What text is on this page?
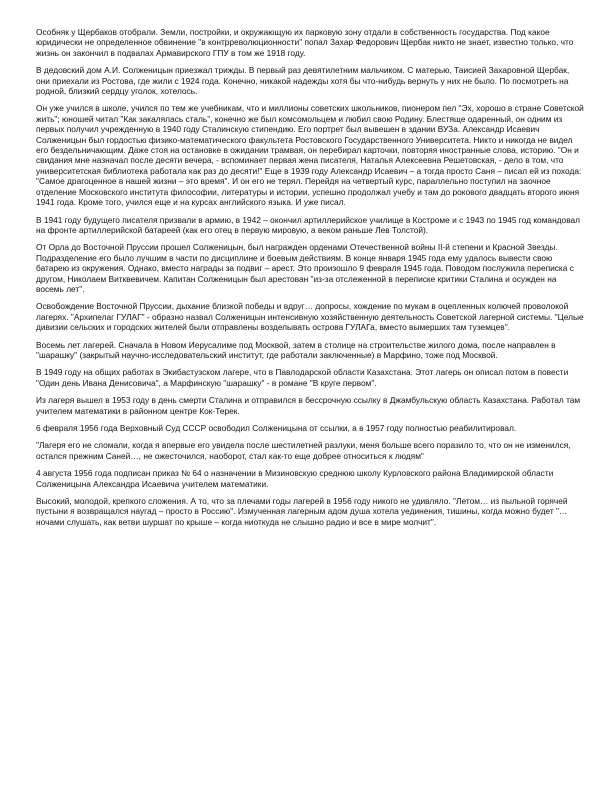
Особняк у Щербаков отобрали. Земли, постройки, и окружающую их парковую зону отдали в собственность государства. Под какое юридически не определенное обвинение "в контрреволюционности" попал Захар Федорович Щербак никто не знает, известно только, что жизнь он закончил в подвалах Армавирского ГПУ в том же 1918 году.

В дедовский дом А.И. Солженицын приезжал трижды. В первый раз девятилетним мальчиком. С матерью, Таисией Захаровной Щербак, они приехали из Ростова, где жили с 1924 года. Конечно, никакой надежды хотя бы что-нибудь вернуть у них не было. По посмотреть на родной, близкий сердцу уголок, хотелось.

Он уже учился в школе, учился по тем же учебникам, что и миллионы советских школьников, пионером пел "Эх, хорошо в стране Советской жить"; юношей читал "Как закалялась сталь", конечно же был комсомольцем и любил свою Родину. Блестяще одаренный, он одним из первых получил учрежденную в 1940 году Сталинскую стипендию. Его портрет был вывешен в здании ВУЗа. Александр Исаевич Солженицын был гордостью физико-математического факультета Ростовского Государственного Университета. Никто и никогда не видел его бездельничающим. Даже стоя на остановке в ожидании трамвая, он перебирал карточки, повторяя иностранные слова, историю. "Он и свидания мне назначал после десяти вечера, - вспоминает первая жена писателя, Наталья Алексеевна Решетовская, - дело в том, что университетская библиотека работала как раз до десяти!" Еще в 1939 году Александр Исаевич – а тогда просто Саня – писал ей из похода: "Самое драгоценное в нашей жизни – это время". И он его не терял. Перейдя на четвертый курс, параллельно поступил на заочное отделение Московского института философии, литературы и истории, успешно продолжал учебу и там до рокового двадцать второго июня 1941 года. Кроме того, учился еще и на курсах английского языка. И уже писал.

В 1941 году будущего писателя призвали в армию, в 1942 – окончил артиллерийское училище в Костроме и с 1943 по 1945 год командовал на фронте артиллерийской батареей (как его отец в первую мировую, а веком раньше Лев Толстой).

От Орла до Восточной Пруссии прошел Солженицын, был награжден орденами Отечественной войны II-й степени и Красной Звезды. Подразделение его было лучшим в части по дисциплине и боевым действиям. В конце января 1945 года ему удалось вывести свою батарею из окружения. Однако, вместо награды за подвиг – арест. Это произошло 9 февраля 1945 года. Поводом послужила переписка с другом, Николаем Витквевичем. Капитан Солженицын был арестован "из-за отслеженной в переписке критики Сталина и осужден на восемь лет".

Освобождение Восточной Пруссии, дыхание близкой победы и вдруг… допросы, хождение по мукам в оцепленных колючей проволокой лагерях. "Архипелаг ГУЛАГ" - образно назвал Солженицын интенсивную хозяйственную деятельность Советской лагерной системы. "Целые дивизии сельских и городских жителей были отправлены возделывать острова ГУЛАГа, вместо вымерших там туземцев".

Восемь лет лагерей. Сначала в Новом Иерусалиме под Москвой, затем в столице на строительстве жилого дома, после направлен в "шарашку" (закрытый научно-исследовательский институт, где работали заключенные) в Марфино, тоже под Москвой.

В 1949 году на общих работах в Экибастузском лагере, что в Павлодарской области Казахстана. Этот лагерь он описал потом в повести "Один день Ивана Денисовича", а Марфинскую "шарашку" - в романе "В круге первом".

Из лагеря вышел в 1953 году в день смерти Сталина и отправился в бессрочную ссылку в Джамбульскую область Казахстана. Работал там учителем математики в районном центре Кок-Терек.

6 февраля 1956 года Верховный Суд СССР освободил Солженицына от ссылки, а в 1957 году полностью реабилитировал.

"Лагеря его не сломали, когда я впервые его увидела после шестилетней разлуки, меня больше всего поразило то, что он не изменился, остался прежним Саней…, не ожесточился, наоборот, стал как-то еще добрее относиться к людям"

4 августа 1956 года подписан приказ № 64 о назначении в Мизиновскую среднюю школу Курловского района Владимирской области Солженицына Александра Исаевича учителем математики.

Высокий, молодой, крепкого сложения. А то, что за плечами годы лагерей в 1956 году никого не удивляло. "Летом… из пыльной горячей пустыни я возвращался наугад – просто в Россию". Измученная лагерным адом душа хотела уединения, тишины, когда можно будет "… ночами слушать, как ветви шуршат по крыше – когда ниоткуда не слышно радио и все в мире молчит".
